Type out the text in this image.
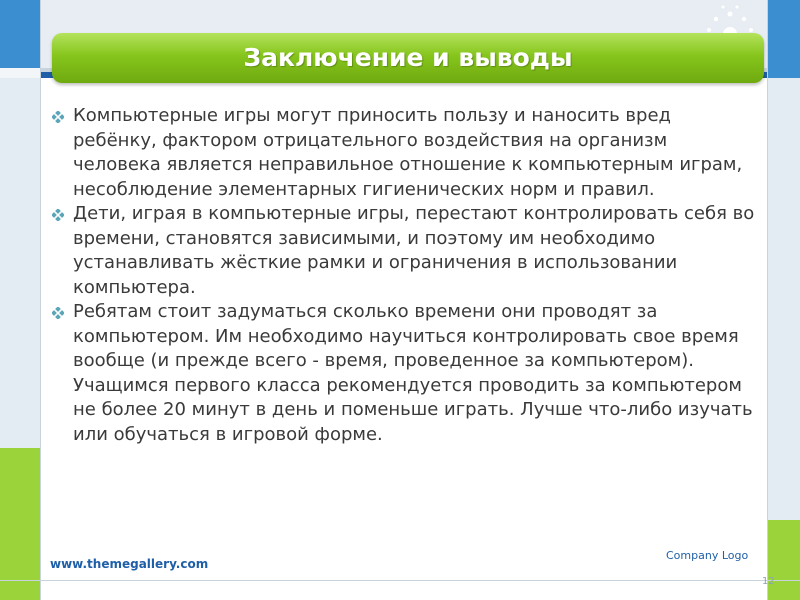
Заключение и выводы
Компьютерные игры могут приносить пользу и наносить вред ребёнку, фактором отрицательного воздействия на организм человека является неправильное отношение к компьютерным играм, несоблюдение элементарных гигиенических норм и правил.
Дети, играя в компьютерные игры, перестают контролировать себя во времени, становятся зависимыми, и поэтому им необходимо устанавливать жёсткие рамки и ограничения в использовании компьютера.
Ребятам стоит задуматься сколько времени они проводят за компьютером. Им необходимо научиться контролировать свое время вообще (и прежде всего - время, проведенное за компьютером). Учащимся первого класса рекомендуется проводить за компьютером не более 20 минут в день и поменьше играть. Лучше что-либо изучать или обучаться в игровой форме.
www.themegallery.com
Company Logo
12
